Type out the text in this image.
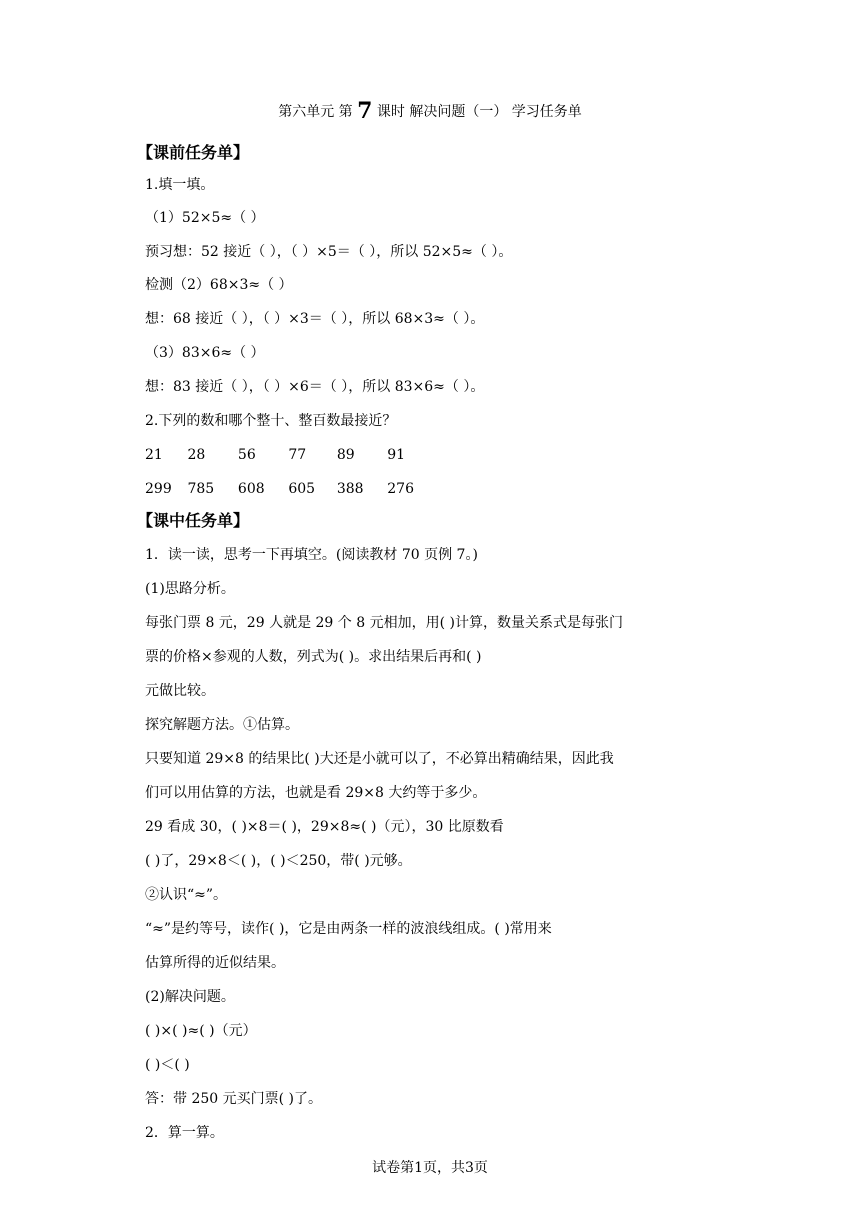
第六单元 第 7 课时 解决问题（一） 学习任务单
【课前任务单】
1.填一填。
（1）52×5≈（ ）
预习想：52 接近（ ），（ ）×5＝（ ），所以 52×5≈（ ）。
检测（2）68×3≈（ ）
想：68 接近（ ），（ ）×3＝（ ），所以 68×3≈（ ）。
（3）83×6≈（ ）
想：83 接近（ ），（ ）×6＝（ ），所以 83×6≈（ ）。
2.下列的数和哪个整十、整百数最接近？
21 28 56 77 89 91
299 785 608 605 388 276
【课中任务单】
1．读一读，思考一下再填空。(阅读教材 70 页例 7。)
(1)思路分析。
每张门票 8 元，29 人就是 29 个 8 元相加，用( )计算，数量关系式是每张门
票的价格×参观的人数，列式为( )。求出结果后再和( )
元做比较。
探究解题方法。①估算。
只要知道 29×8 的结果比( )大还是小就可以了，不必算出精确结果，因此我
们可以用估算的方法，也就是看 29×8 大约等于多少。
29 看成 30，( )×8＝( )，29×8≈( )（元），30 比原数看
( )了，29×8＜( )，( )＜250，带( )元够。
②认识“≈”。
“≈”是约等号，读作( )，它是由两条一样的波浪线组成。( )常用来
估算所得的近似结果。
(2)解决问题。
( )×( )≈( )（元）
( )＜( )
答：带 250 元买门票( )了。
2．算一算。
试卷第1页，共3页
